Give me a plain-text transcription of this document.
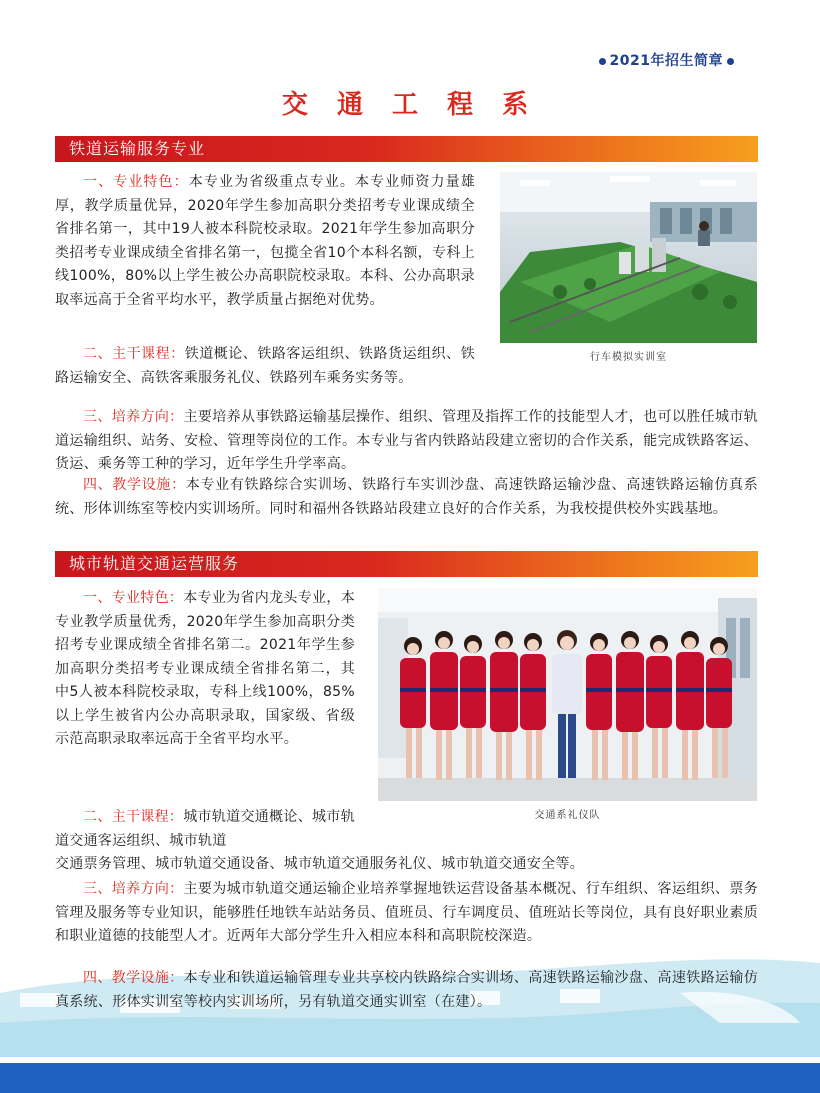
2021年招生简章
交 通 工 程 系
铁道运输服务专业
行车模拟实训室
一、专业特色：本专业为省级重点专业。本专业师资力量雄厚，教学质量优异，2020年学生参加高职分类招考专业课成绩全省排名第一，其中19人被本科院校录取。2021年学生参加高职分类招考专业课成绩全省排名第一，包揽全省10个本科名额，专科上线100%，80%以上学生被公办高职院校录取。本科、公办高职录取率远高于全省平均水平，教学质量占据绝对优势。
二、主干课程：铁道概论、铁路客运组织、铁路货运组织、铁路运输安全、高铁客乘服务礼仪、铁路列车乘务实务等。
三、培养方向：主要培养从事铁路运输基层操作、组织、管理及指挥工作的技能型人才，也可以胜任城市轨道运输组织、站务、安检、管理等岗位的工作。本专业与省内铁路站段建立密切的合作关系，能完成铁路客运、货运、乘务等工种的学习，近年学生升学率高。
四、教学设施：本专业有铁路综合实训场、铁路行车实训沙盘、高速铁路运输沙盘、高速铁路运输仿真系统、形体训练室等校内实训场所。同时和福州各铁路站段建立良好的合作关系，为我校提供校外实践基地。
城市轨道交通运营服务
交通系礼仪队
一、专业特色：本专业为省内龙头专业，本专业教学质量优秀，2020年学生参加高职分类招考专业课成绩全省排名第二。2021年学生参加高职分类招考专业课成绩全省排名第二，其中5人被本科院校录取，专科上线100%，85%以上学生被省内公办高职录取，国家级、省级示范高职录取率远高于全省平均水平。
二、主干课程：城市轨道交通概论、城市轨道交通客运组织、城市轨道
交通票务管理、城市轨道交通设备、城市轨道交通服务礼仪、城市轨道交通安全等。
三、培养方向：主要为城市轨道交通运输企业培养掌握地铁运营设备基本概况、行车组织、客运组织、票务管理及服务等专业知识，能够胜任地铁车站站务员、值班员、行车调度员、值班站长等岗位，具有良好职业素质和职业道德的技能型人才。近两年大部分学生升入相应本科和高职院校深造。
四、教学设施：本专业和铁道运输管理专业共享校内铁路综合实训场、高速铁路运输沙盘、高速铁路运输仿真系统、形体实训室等校内实训场所，另有轨道交通实训室（在建）。
